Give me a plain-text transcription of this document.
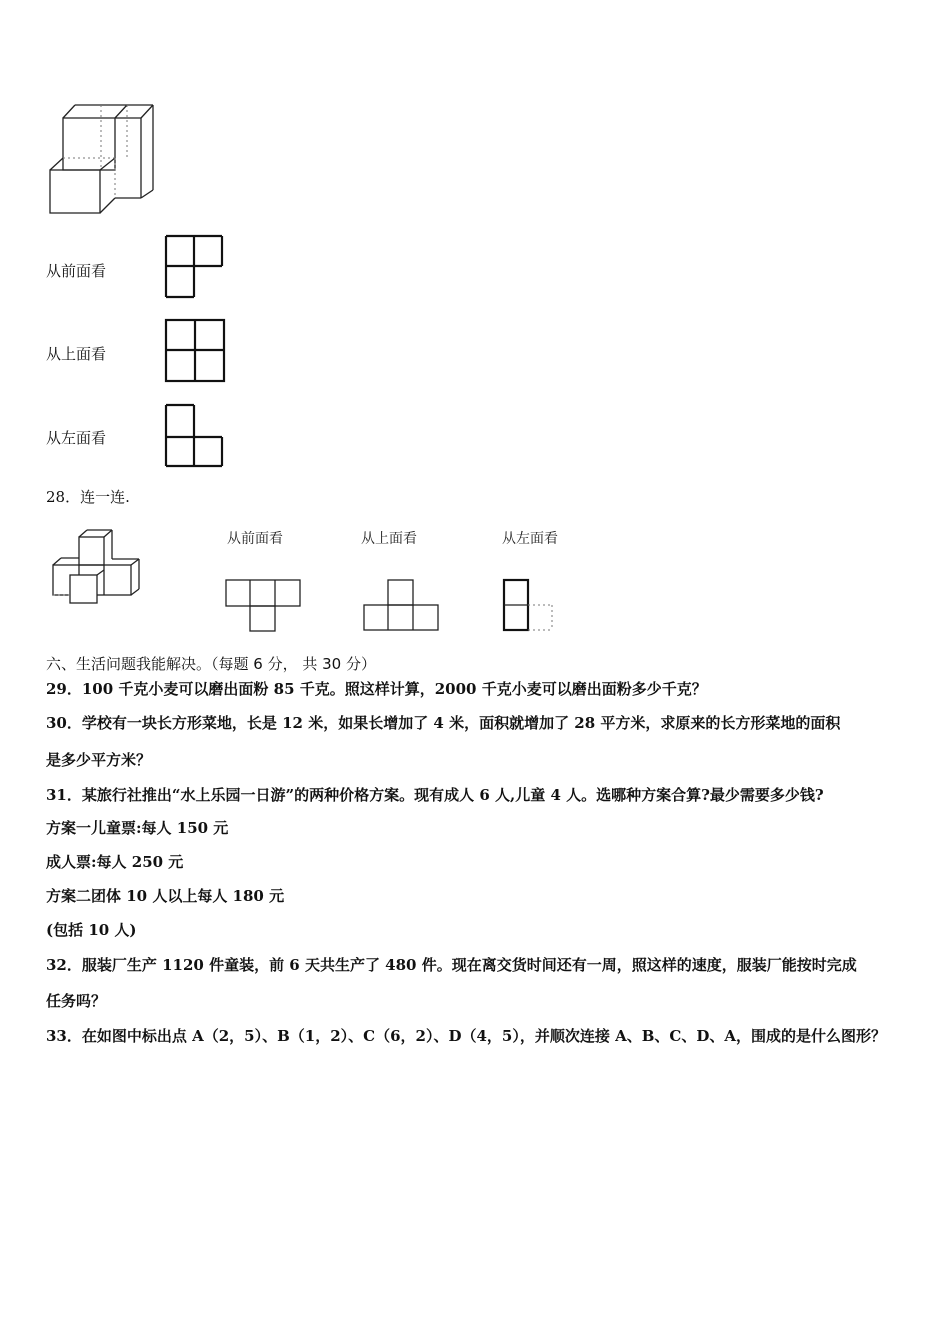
从前面看
从上面看
从左面看
28．连一连.
从前面看	从上面看	从左面看
六、生活问题我能解决。（每题 6 分， 共 30 分）
29．100 千克小麦可以磨出面粉 85 千克。照这样计算，2000 千克小麦可以磨出面粉多少千克？
30．学校有一块长方形菜地，长是 12 米，如果长增加了 4 米，面积就增加了 28 平方米，求原来的长方形菜地的面积
是多少平方米？
31．某旅行社推出“水上乐园一日游”的两种价格方案。现有成人 6 人,儿童 4 人。选哪种方案合算?最少需要多少钱?
方案一儿童票:每人 150 元
成人票:每人 250 元
方案二团体 10 人以上每人 180 元
(包括 10 人)
32．服装厂生产 1120 件童装，前 6 天共生产了 480 件。现在离交货时间还有一周，照这样的速度，服装厂能按时完成
任务吗？
33．在如图中标出点 A（2，5）、B（1，2）、C（6，2）、D（4，5），并顺次连接 A、B、C、D、A，围成的是什么图形？
